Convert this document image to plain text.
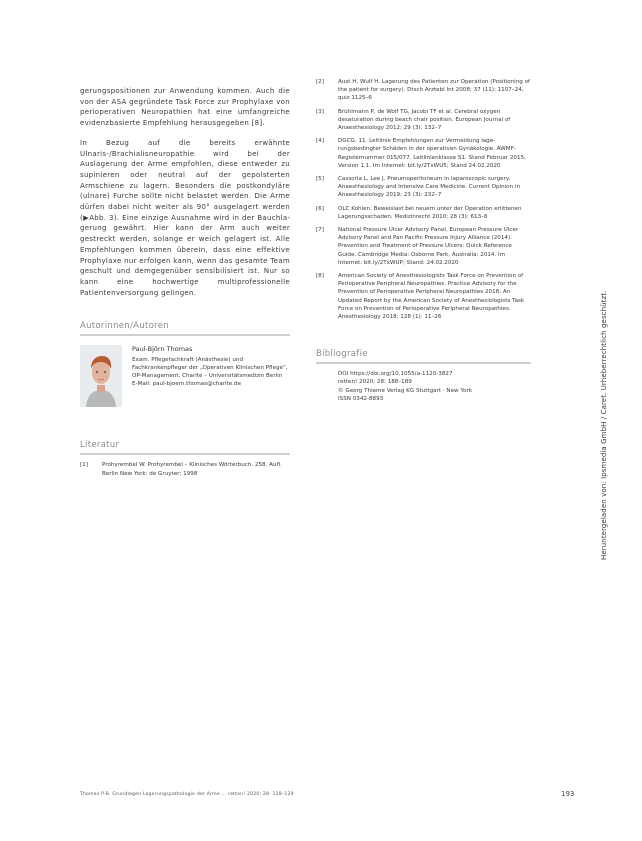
gerungspositionen zur Anwendung kommen. Auch die von der ASA gegründete Task Force zur Prophylaxe von perioperativen Neuropathien hat eine umfangreiche evidenzbasierte Empfehlung herausgegeben [8].

In Bezug auf die bereits erwähnte Ulnaris-/Brachialisneuropathie wird bei der Auslagerung der Arme empfohlen, diese entweder zu supinieren oder neutral auf der gepolsterten Armschiene zu lagern. Besonders die postkondyläre (ulnare) Furche sollte nicht belastet werden. Die Arme dürfen dabei nicht weiter als 90° ausgelagert werden (▶Abb. 3). Eine einzige Ausnahme wird in der Bauchlagerung gewährt. Hier kann der Arm auch weiter gestreckt werden, solange er weich gelagert ist. Alle Empfehlungen kommen überein, dass eine effektive Prophylaxe nur erfolgen kann, wenn das gesamte Team geschult und demgegenüber sensibilisiert ist. Nur so kann eine hochwertige multiprofessionelle Patientenversorgung gelingen.

Autorinnen/Autoren
Paul-Björn Thomas
Exam. Pflegefachkraft (Anästhesie) und Fachkrankenpfleger der „Operativen Klinischen Pflege“, OP-Management, Charité – Universitätsmedizin Berlin
E-Mail: paul-bjoern.thomas@charite.de
Literatur
[1]	Prohyrembel W. Prohyrembel – Klinisches Wörterbuch. 258. Aufl. Berlin New York: de Gruyter; 1998
[2]	Aust H, Wulf H. Lagerung des Patienten zur Operation (Positioning of the patient for surgery). Dtsch Arztebl Int 2008; 37 (11): 1107–24, quiz 1125–6
[3]	Brühlmann P, de Wolf TG, Jacobi TF et al. Cerebral oxygen desaturation during beach chair position. European Journal of Anaesthesiology 2012; 29 (3): 132–7
[4]	DGCG. 11. Leitlinie Empfehlungen zur Vermeidung lagerungsbedingter Schäden in der operativen Gynäkologie. AWMF-Registernummer 015/077. Leitlinienklasse S1. Stand Februar 2015, Version 1.1. Im Internet: bit.ly/2TxWU5; Stand 24.02.2020
[5]	Cassorla L, Lee J. Pneumoperitoneum in laparoscopic surgery. Anaesthesiology and Intensive Care Medicine. Current Opinion in Anaesthesiology 2019; 23 (3): 232–7
[6]	OLC Kohlen. Beweislast bei neuem unter der Operation erlittenen Lagerungsschaden. Medizinrecht 2010; 28 (3): 613–8
[7]	National Pressure Ulcer Advisory Panel, European Pressure Ulcer Advisory Panel and Pan Pacific Pressure Injury Alliance (2014). Prevention and Treatment of Pressure Ulcers: Quick Reference Guide. Cambridge Media: Osborne Park, Australia; 2014. Im Internet: bit.ly/2TxWUP; Stand: 24.02.2020
[8]	American Society of Anesthesiologists Task Force on Prevention of Perioperative Peripheral Neuropathies. Practice Advisory for the Prevention of Perioperative Peripheral Neuropathies 2018: An Updated Report by the American Society of Anesthesiologists Task Force on Prevention of Perioperative Peripheral Neuropathies. Anesthesiology 2018; 128 (1): 11–26
Bibliografie
DOI https://doi.org/10.1055/a-1120-3827
retten! 2020; 28: 188–189
© Georg Thieme Verlag KG Stuttgart · New York
ISSN 0342-8893	Heruntergeladen von: Ipsmedia GmbH / Caret. Urheberrechtlich geschützt.
Thomas P-B. Grundlagen Lagerungspathologie der Arme ... retten! 2020; 28: 128–129	193
